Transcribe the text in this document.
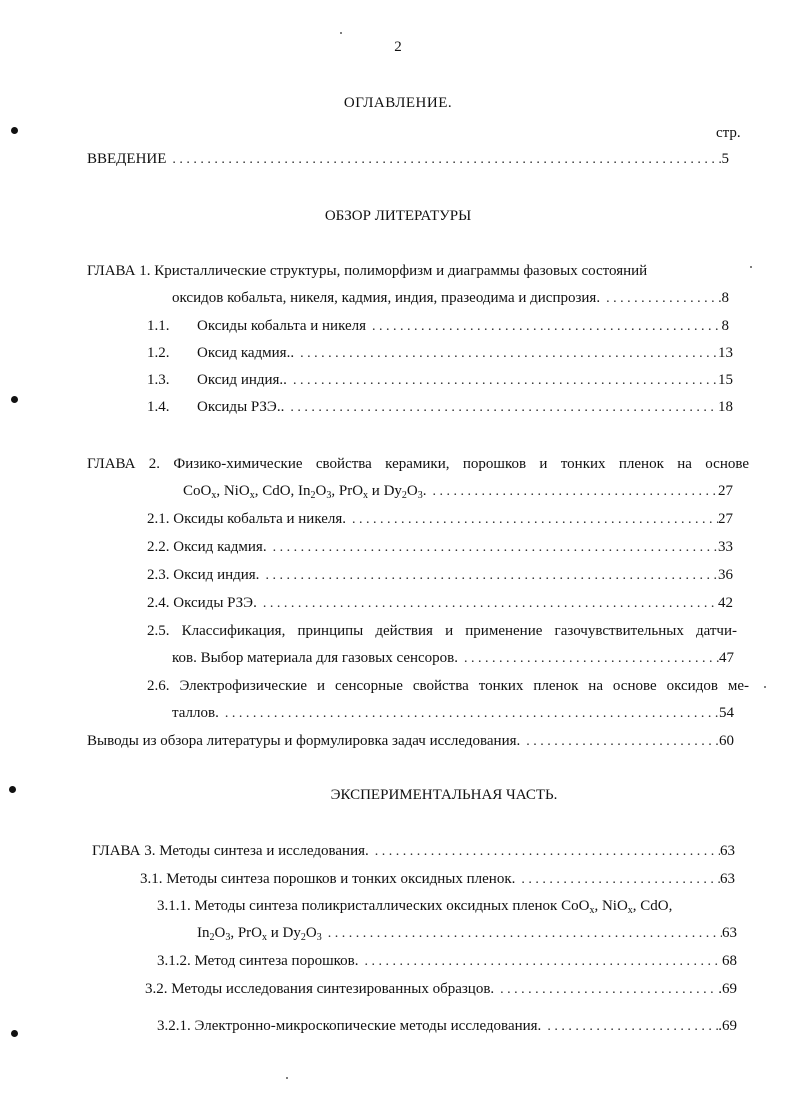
2
ОГЛАВЛЕНИЕ.
стр.
ВВЕДЕНИЕ . . .	5
ОБЗОР ЛИТЕРАТУРЫ
ГЛАВА 1. Кристаллические структуры, полиморфизм и диаграммы фазовых состояний
оксидов кобальта, никеля, кадмия, индия, празеодима и диспрозия. . . .	8
1.1.	Оксиды кобальта и никеля . . .	8
1.2.	Оксид кадмия.. . . .	13
1.3.	Оксид индия.. . . .	15
1.4.	Оксиды РЗЭ.. . . .	18
ГЛАВА 2. Физико-химические свойства керамики, порошков и тонких пленок на основе
CoO$_x$, NiO$_x$, CdO, $In_2O_3$, PrO$_x$ и $Dy_2O_3$. . . .	27
2.1. Оксиды кобальта и никеля. . . .	27
2.2. Оксид кадмия. . . .	33
2.3. Оксид индия. . . .	36
2.4. Оксиды РЗЭ. . . .	42
2.5. Классификация, принципы действия и применение газочувствительных датчи-
ков. Выбор материала для газовых сенсоров. . . .	47
2.6. Электрофизические и сенсорные свойства тонких пленок на основе оксидов ме-
таллов. . . .	54
Выводы из обзора литературы и формулировка задач исследования. . . .	60
ЭКСПЕРИМЕНТАЛЬНАЯ ЧАСТЬ.
ГЛАВА 3. Методы синтеза и исследования. . . .	63
3.1. Методы синтеза порошков и тонких оксидных пленок. . . .	63
3.1.1. Методы синтеза поликристаллических оксидных пленок CoO$_x$, NiO$_x$, CdO,
$In_2O_3$, PrO$_x$ и $Dy_2O_3$ . . .	63
3.1.2. Метод синтеза порошков. . . .	68
3.2. Методы исследования синтезированных образцов. . . .	.69
3.2.1. Электронно-микроскопические методы исследования. . . .	.69
